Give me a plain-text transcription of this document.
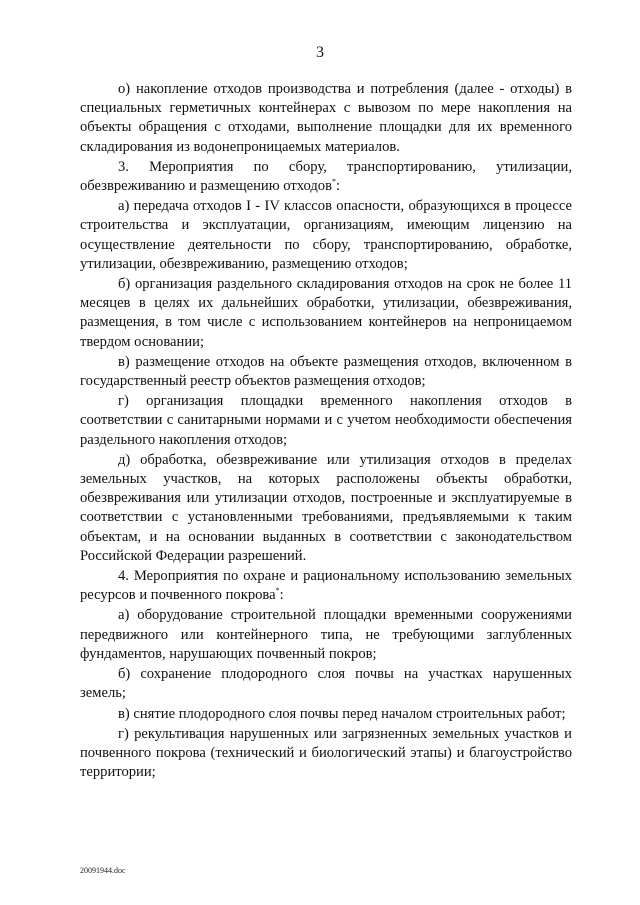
3

о) накопление отходов производства и потребления (далее - отходы) в специальных герметичных контейнерах с вывозом по мере накопления на объекты обращения с отходами, выполнение площадки для их временного складирования из водонепроницаемых материалов.

3. Мероприятия по сбору, транспортированию, утилизации, обезвреживанию и размещению отходов*:

а) передача отходов I - IV классов опасности, образующихся в процессе строительства и эксплуатации, организациям, имеющим лицензию на осуществление деятельности по сбору, транспортированию, обработке, утилизации, обезвреживанию, размещению отходов;

б) организация раздельного складирования отходов на срок не более 11 месяцев в целях их дальнейших обработки, утилизации, обезвреживания, размещения, в том числе с использованием контейнеров на непроницаемом твердом основании;

в) размещение отходов на объекте размещения отходов, включенном в государственный реестр объектов размещения отходов;

г) организация площадки временного накопления отходов в соответствии с санитарными нормами и с учетом необходимости обеспечения раздельного накопления отходов;

д) обработка, обезвреживание или утилизация отходов в пределах земельных участков, на которых расположены объекты обработки, обезвреживания или утилизации отходов, построенные и эксплуатируемые в соответствии с установленными требованиями, предъявляемыми к таким объектам, и на основании выданных в соответствии с законодательством Российской Федерации разрешений.

4. Мероприятия по охране и рациональному использованию земельных ресурсов и почвенного покрова*:

а) оборудование строительной площадки временными сооружениями передвижного или контейнерного типа, не требующими заглубленных фундаментов, нарушающих почвенный покров;

б) сохранение плодородного слоя почвы на участках нарушенных земель;

в) снятие плодородного слоя почвы перед началом строительных работ;

г) рекультивация нарушенных или загрязненных земельных участков и почвенного покрова (технический и биологический этапы) и благоустройство территории;

20091944.doc
